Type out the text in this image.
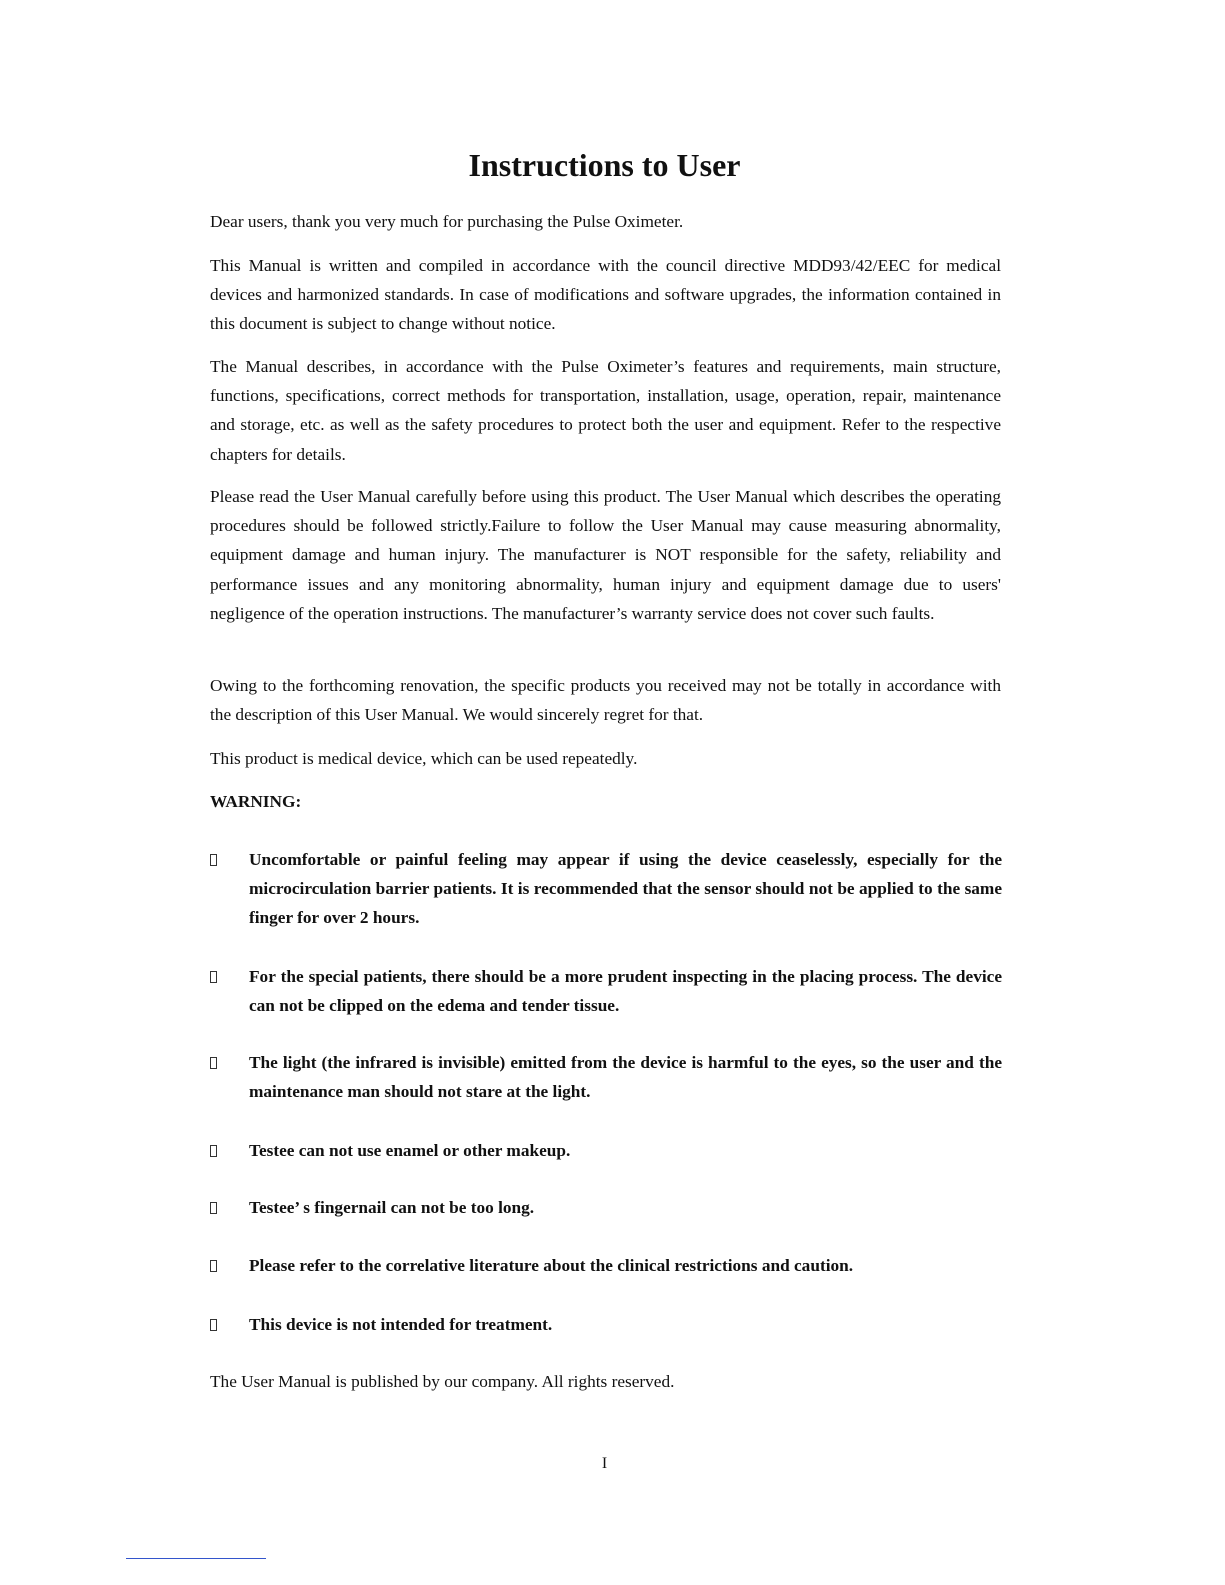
Instructions to User

Dear users, thank you very much for purchasing the Pulse Oximeter.

This Manual is written and compiled in accordance with the council directive MDD93/42/EEC for medical devices and harmonized standards. In case of modifications and software upgrades, the information contained in this document is subject to change without notice.

The Manual describes, in accordance with the Pulse Oximeter’s features and requirements, main structure, functions, specifications, correct methods for transportation, installation, usage, operation, repair, maintenance and storage, etc. as well as the safety procedures to protect both the user and equipment. Refer to the respective chapters for details.

Please read the User Manual carefully before using this product. The User Manual which describes the operating procedures should be followed strictly.Failure to follow the User Manual may cause measuring abnormality, equipment damage and human injury. The manufacturer is NOT responsible for the safety, reliability and performance issues and any monitoring abnormality, human injury and equipment damage due to users' negligence of the operation instructions. The manufacturer’s warranty service does not cover such faults.

Owing to the forthcoming renovation, the specific products you received may not be totally in accordance with the description of this User Manual. We would sincerely regret for that.

This product is medical device, which can be used repeatedly.

WARNING:

Uncomfortable or painful feeling may appear if using the device ceaselessly, especially for the microcirculation barrier patients. It is recommended that the sensor should not be applied to the same finger for over 2 hours.

For the special patients, there should be a more prudent inspecting in the placing process. The device can not be clipped on the edema and tender tissue.

The light (the infrared is invisible) emitted from the device is harmful to the eyes, so the user and the maintenance man should not stare at the light.

Testee can not use enamel or other makeup.

Testee’ s fingernail can not be too long.

Please refer to the correlative literature about the clinical restrictions and caution.

This device is not intended for treatment.

The User Manual is published by our company. All rights reserved.

I
